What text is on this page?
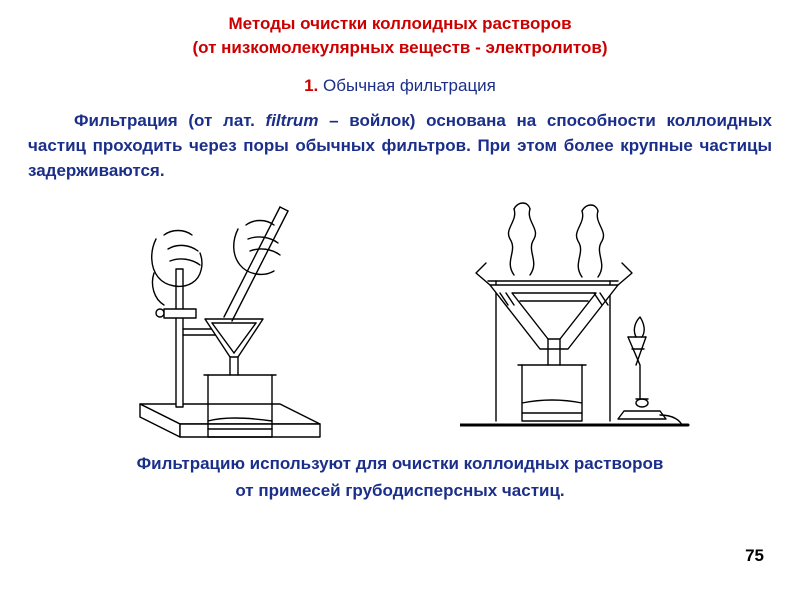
Методы очистки коллоидных растворов
(от низкомолекулярных веществ - электролитов)
1. Обычная фильтрация
Фильтрация (от лат. filtrum – войлок) основана на способности коллоидных частиц проходить через поры обычных фильтров. При этом более крупные частицы задерживаются.
Фильтрацию используют для очистки коллоидных растворов
от примесей грубодисперсных частиц.
75
